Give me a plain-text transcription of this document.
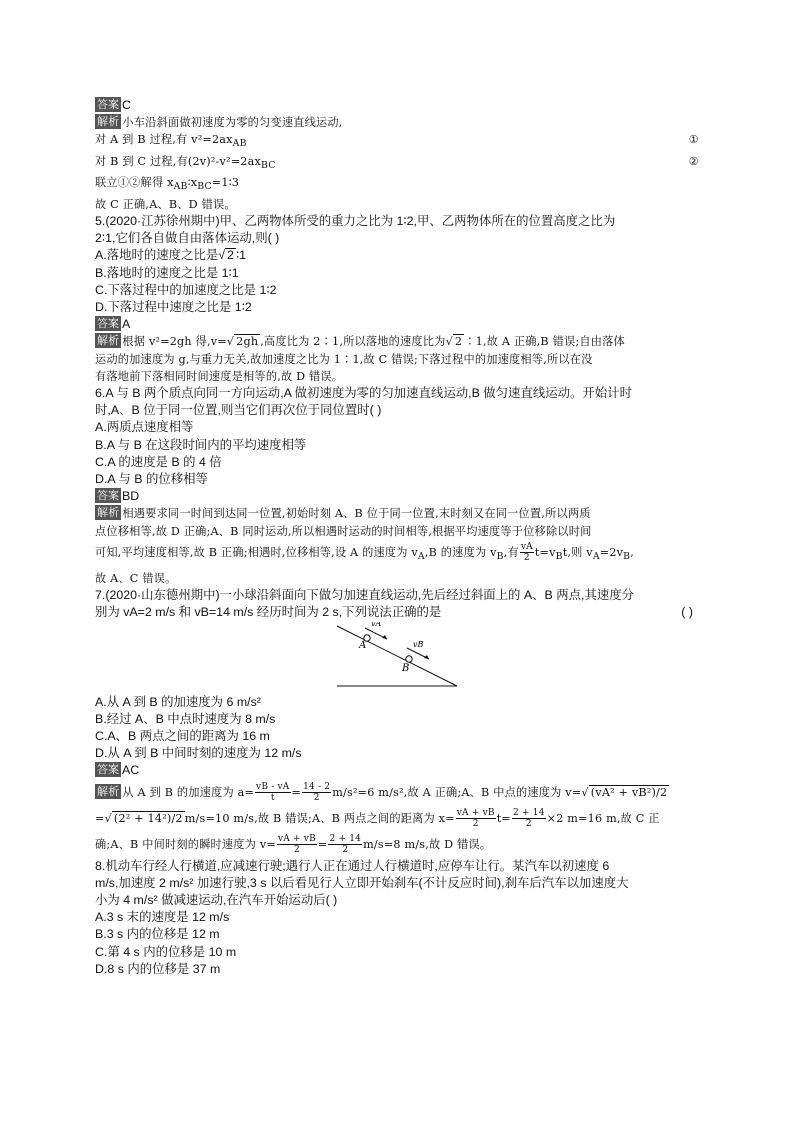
答案 C
解析 小车沿斜面做初速度为零的匀变速直线运动,
对 A 到 B 过程,有 $v^2=2ax_{AB}$	①
对 B 到 C 过程,有$(2v)^2-v^2=2ax_{BC}$	②
联立①②解得 $x_{AB}∶x_{BC}=1∶3$
故 C 正确,A、B、D 错误。
5.(2020·江苏徐州期中)甲、乙两物体所受的重力之比为 1∶2,甲、乙两物体所在的位置高度之比为
2∶1,它们各自做自由落体运动,则( )
A.落地时的速度之比是√ 2 ∶1
B.落地时的速度之比是 1∶1
C.下落过程中的加速度之比是 1∶2
D.下落过程中速度之比是 1∶2
答案 A
解析 根据 v²=2gh 得,v=√ 2gh ,高度比为 2∶1,所以落地的速度比为√ 2 ∶1,故 A 正确,B 错误;自由落体
运动的加速度为 g,与重力无关,故加速度之比为 1∶1,故 C 错误;下落过程中的加速度相等,所以在没
有落地前下落相同时间速度是相等的,故 D 错误。
6.A 与 B 两个质点向同一方向运动,A 做初速度为零的匀加速直线运动,B 做匀速直线运动。开始计时
时,A、B 位于同一位置,则当它们再次位于同位置时( )
A.两质点速度相等
B.A 与 B 在这段时间内的平均速度相等
C.A 的速度是 B 的 4 倍
D.A 与 B 的位移相等
答案 BD
解析 相遇要求同一时间到达同一位置,初始时刻 A、B 位于同一位置,末时刻又在同一位置,所以两质
点位移相等,故 D 正确;A、B 同时运动,所以相遇时运动的时间相等,根据平均速度等于位移除以时间
可知,平均速度相等,故 B 正确;相遇时,位移相等,设 A 的速度为 $v_A,B$ 的速度为 $v_B$,有 $\frac{vA}{2} t=v_Bt$,则 $v_A=2v_B$,
故 A、C 错误。
7.(2020·山东德州期中)一小球沿斜面向下做匀加速直线运动,先后经过斜面上的 A、B 两点,其速度分
别为 vA=2 m/s 和 vB=14 m/s 经历时间为 2 s,下列说法正确的是	( )
vA
vB
A
B
A.从 A 到 B 的加速度为 6 m/s²
B.经过 A、B 中点时速度为 8 m/s
C.A、B 两点之间的距离为 16 m
D.从 A 到 B 中间时刻的速度为 12 m/s
答案 AC
解析 从 A 到 B 的加速度为 $a= \frac{vB - vA}{t} = \frac{14 - 2}{2} m/s^2=6$ m/s²,故 A 正确;A、B 中点的速度为 v=√ (vA² + vB²)/2
=√ (2² + 14²)/2 m/s=10 m/s,故 B 错误;A、B 两点之间的距离为 $x= \frac{vA + vB}{2} t= \frac{2 + 14}{2} \times 2$ m=16 m,故 C 正
确;A、B 中间时刻的瞬时速度为 $v= \frac{vA + vB}{2} = \frac{2 + 14}{2} m/s=8$ m/s,故 D 错误。
8.机动车行经人行横道,应减速行驶;遇行人正在通过人行横道时,应停车让行。某汽车以初速度 6
m/s,加速度 2 m/s² 加速行驶,3 s 以后看见行人立即开始刹车(不计反应时间),刹车后汽车以加速度大
小为 4 m/s² 做减速运动,在汽车开始运动后( )
A.3 s 末的速度是 12 m/s
B.3 s 内的位移是 12 m
C.第 4 s 内的位移是 10 m
D.8 s 内的位移是 37 m
